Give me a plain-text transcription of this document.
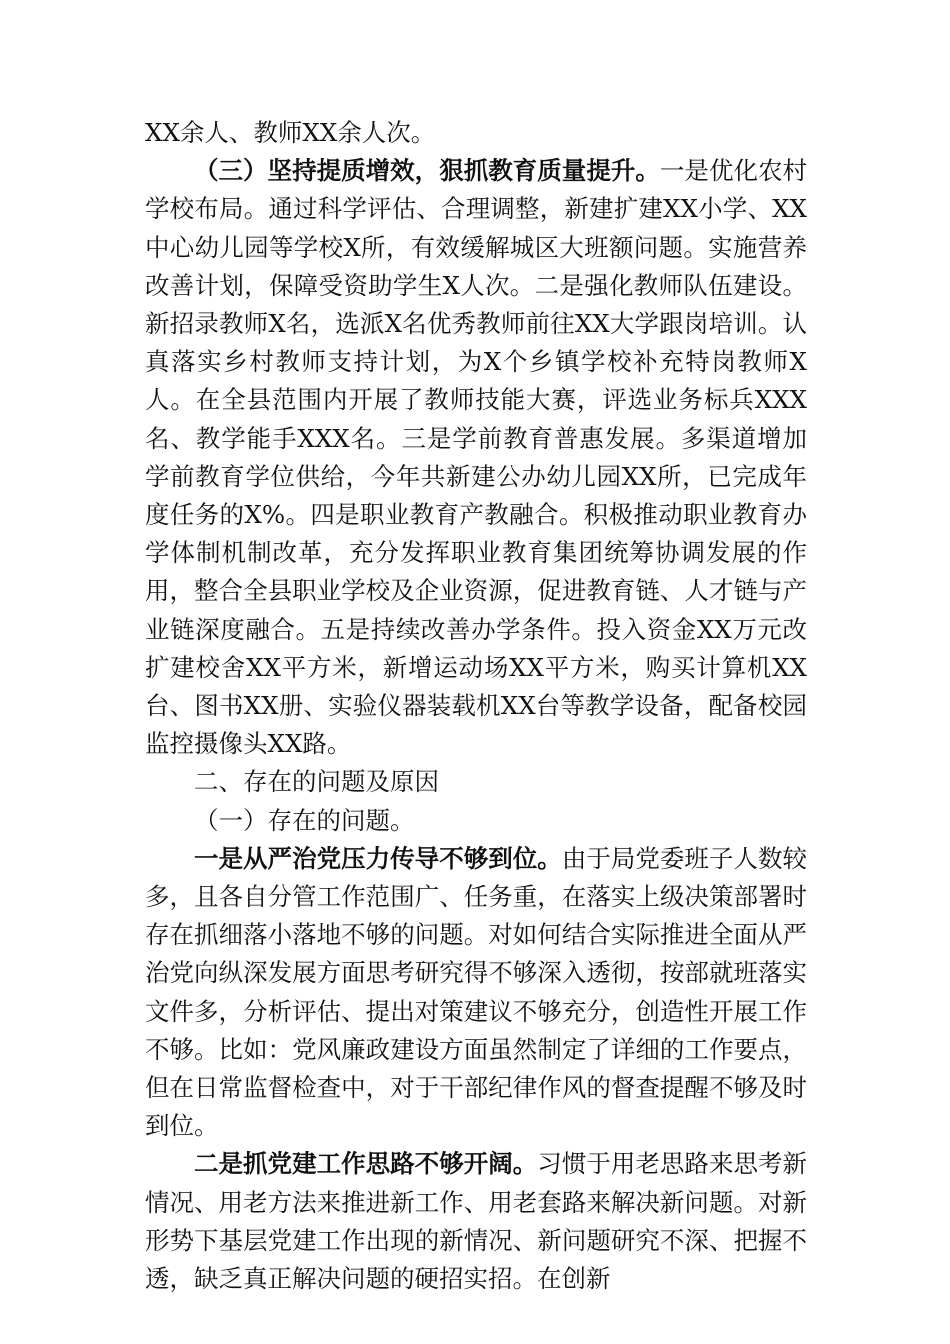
XX余人、教师XX余人次。

（三）坚持提质增效，狠抓教育质量提升。一是优化农村学校布局。通过科学评估、合理调整，新建扩建XX小学、XX中心幼儿园等学校X所，有效缓解城区大班额问题。实施营养改善计划，保障受资助学生X人次。二是强化教师队伍建设。新招录教师X名，选派X名优秀教师前往XX大学跟岗培训。认真落实乡村教师支持计划，为X个乡镇学校补充特岗教师X人。在全县范围内开展了教师技能大赛，评选业务标兵XXX名、教学能手XXX名。三是学前教育普惠发展。多渠道增加学前教育学位供给，今年共新建公办幼儿园XX所，已完成年度任务的X%。四是职业教育产教融合。积极推动职业教育办学体制机制改革，充分发挥职业教育集团统筹协调发展的作用，整合全县职业学校及企业资源，促进教育链、人才链与产业链深度融合。五是持续改善办学条件。投入资金XX万元改扩建校舍XX平方米，新增运动场XX平方米，购买计算机XX台、图书XX册、实验仪器装载机XX台等教学设备，配备校园监控摄像头XX路。

二、存在的问题及原因

（一）存在的问题。

一是从严治党压力传导不够到位。由于局党委班子人数较多，且各自分管工作范围广、任务重，在落实上级决策部署时存在抓细落小落地不够的问题。对如何结合实际推进全面从严治党向纵深发展方面思考研究得不够深入透彻，按部就班落实文件多，分析评估、提出对策建议不够充分，创造性开展工作不够。比如：党风廉政建设方面虽然制定了详细的工作要点，但在日常监督检查中，对于干部纪律作风的督查提醒不够及时到位。

二是抓党建工作思路不够开阔。习惯于用老思路来思考新情况、用老方法来推进新工作、用老套路来解决新问题。对新形势下基层党建工作出现的新情况、新问题研究不深、把握不透，缺乏真正解决问题的硬招实招。在创新
